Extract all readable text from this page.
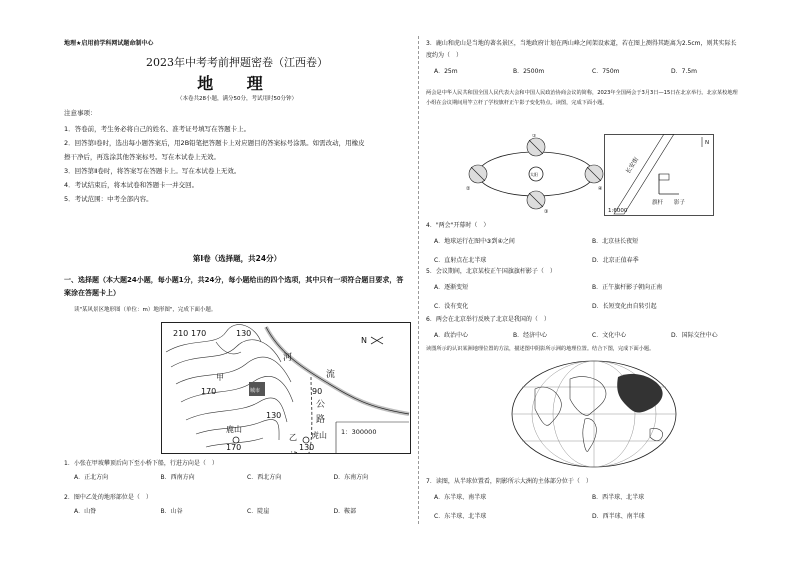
地理★启用前学科网试题命制中心
2023年中考考前押题密卷（江西卷）
地 理
（本卷共28小题，满分50分，考试用时50分钟）
注意事项：
1．答卷前，考生务必将自己的姓名、准考证号填写在答题卡上。
2．回答第Ⅰ卷时，选出每小题答案后，用2B铅笔把答题卡上对应题目的答案标号涂黑。如需改动，用橡皮
擦干净后，再选涂其他答案标号。写在本试卷上无效。
3．回答第Ⅱ卷时，将答案写在答题卡上。写在本试卷上无效。
4．考试结束后，将本试卷和答题卡一并交回。
5．考试范围：中考全部内容。
第Ⅰ卷（选择题，共24分）
一、选择题（本大题24小题，每小题1分，共24分，每小题给出的四个选项，其中只有一项符合题目要求，答案涂在答题卡上）
读"某风景区地形图（单位：m）地形图"，完成下面小题。
210 170	130
甲
河
流
90
公
路
170
130
鹿山
170
虎山
130
城市
乙
N
1：300000
1．小张在甲坡攀顶后向下至小桥下船，行进方向是（　）
A．正北方向	B．西南方向	C．西北方向	D．东南方向
2．图中乙处的地形部位是（　）
A．山脊	B．山谷	C．陡崖	D．鞍部
3．鹿山和虎山是当地的著名景区，当地政府计划在两山峰之间架设索道，若在图上测得其距离为2.5cm，则其实际长度约为（　）
A．25m	B．2500m	C．750m	D．7.5m
两会是中华人民共和国全国人民代表大会和中国人民政治协商会议的简称，2023年全国两会于3月3日—15日在北京举行。北京某校地理小组在会议期间用竿立杆了学校旗杆正午影子变化特点。读图，完成下面小题。
①
②
③
④
太阳	长安街
旗杆 影子
N
1:6000
4．"两会"开幕时（　）
A．地球运行在图中③到④之间	B．北京昼长夜短
C．直射点在北半球	D．北京正值春季
5．会议期间，北京某校正午国旗旗杆影子（　）
A．逐渐变短	B．正午旗杆影子朝向正南
C．没有变化	D．长短变化由自转引起
6．两会在北京举行反映了北京是我国的（　）
A．政治中心	B．经济中心	C．文化中心	D．国际交往中心
读图所示的认识某洲地理位置的方法，描述图中阴影所示洲的地理位置。结合下图，完成下面小题。
7．读图，从半球位置看，阴影所示大洲的主体部分位于（　）
A．东半球、南半球	B．西半球、北半球
C．东半球、北半球	D．西半球、南半球
